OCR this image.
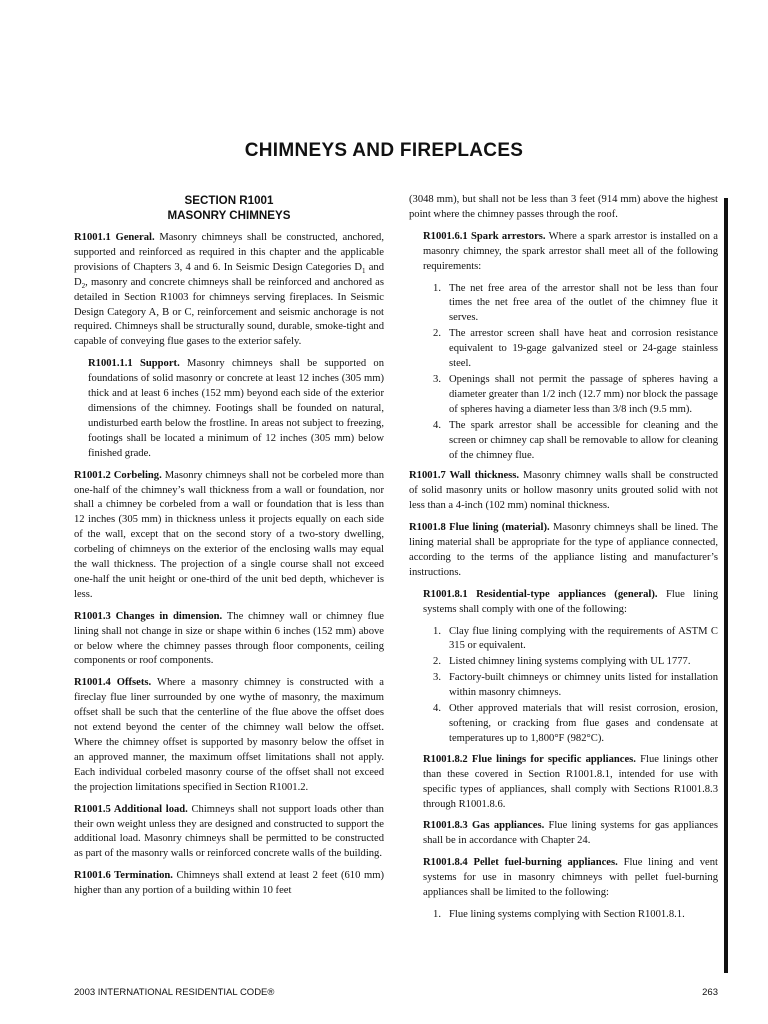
CHIMNEYS AND FIREPLACES
SECTION R1001
MASONRY CHIMNEYS

R1001.1 General. Masonry chimneys shall be constructed, anchored, supported and reinforced as required in this chapter and the applicable provisions of Chapters 3, 4 and 6. In Seismic Design Categories $D_1$ and $D_2$, masonry and concrete chimneys shall be reinforced and anchored as detailed in Section R1003 for chimneys serving fireplaces. In Seismic Design Category A, B or C, reinforcement and seismic anchorage is not required. Chimneys shall be structurally sound, durable, smoke-tight and capable of conveying flue gases to the exterior safely.

R1001.1.1 Support. Masonry chimneys shall be supported on foundations of solid masonry or concrete at least 12 inches (305 mm) thick and at least 6 inches (152 mm) beyond each side of the exterior dimensions of the chimney. Footings shall be founded on natural, undisturbed earth below the frostline. In areas not subject to freezing, footings shall be located a minimum of 12 inches (305 mm) below finished grade.

R1001.2 Corbeling. Masonry chimneys shall not be corbeled more than one-half of the chimney’s wall thickness from a wall or foundation, nor shall a chimney be corbeled from a wall or foundation that is less than 12 inches (305 mm) in thickness unless it projects equally on each side of the wall, except that on the second story of a two-story dwelling, corbeling of chimneys on the exterior of the enclosing walls may equal the wall thickness. The projection of a single course shall not exceed one-half the unit height or one-third of the unit bed depth, whichever is less.

R1001.3 Changes in dimension. The chimney wall or chimney flue lining shall not change in size or shape within 6 inches (152 mm) above or below where the chimney passes through floor components, ceiling components or roof components.

R1001.4 Offsets. Where a masonry chimney is constructed with a fireclay flue liner surrounded by one wythe of masonry, the maximum offset shall be such that the centerline of the flue above the offset does not extend beyond the center of the chimney wall below the offset. Where the chimney offset is supported by masonry below the offset in an approved manner, the maximum offset limitations shall not apply. Each individual corbeled masonry course of the offset shall not exceed the projection limitations specified in Section R1001.2.

R1001.5 Additional load. Chimneys shall not support loads other than their own weight unless they are designed and constructed to support the additional load. Masonry chimneys shall be permitted to be constructed as part of the masonry walls or reinforced concrete walls of the building.

R1001.6 Termination. Chimneys shall extend at least 2 feet (610 mm) higher than any portion of a building within 10 feet

(3048 mm), but shall not be less than 3 feet (914 mm) above the highest point where the chimney passes through the roof.

R1001.6.1 Spark arrestors. Where a spark arrestor is installed on a masonry chimney, the spark arrestor shall meet all of the following requirements:

1. The net free area of the arrestor shall not be less than four times the net free area of the outlet of the chimney flue it serves.
2. The arrestor screen shall have heat and corrosion resistance equivalent to 19-gage galvanized steel or 24-gage stainless steel.
3. Openings shall not permit the passage of spheres having a diameter greater than 1/2 inch (12.7 mm) nor block the passage of spheres having a diameter less than 3/8 inch (9.5 mm).
4. The spark arrestor shall be accessible for cleaning and the screen or chimney cap shall be removable to allow for cleaning of the chimney flue.

R1001.7 Wall thickness. Masonry chimney walls shall be constructed of solid masonry units or hollow masonry units grouted solid with not less than a 4-inch (102 mm) nominal thickness.

R1001.8 Flue lining (material). Masonry chimneys shall be lined. The lining material shall be appropriate for the type of appliance connected, according to the terms of the appliance listing and manufacturer’s instructions.

R1001.8.1 Residential-type appliances (general). Flue lining systems shall comply with one of the following:

1. Clay flue lining complying with the requirements of ASTM C 315 or equivalent.
2. Listed chimney lining systems complying with UL 1777.
3. Factory-built chimneys or chimney units listed for installation within masonry chimneys.
4. Other approved materials that will resist corrosion, erosion, softening, or cracking from flue gases and condensate at temperatures up to 1,800°F (982°C).

R1001.8.2 Flue linings for specific appliances. Flue linings other than these covered in Section R1001.8.1, intended for use with specific types of appliances, shall comply with Sections R1001.8.3 through R1001.8.6.

R1001.8.3 Gas appliances. Flue lining systems for gas appliances shall be in accordance with Chapter 24.

R1001.8.4 Pellet fuel-burning appliances. Flue lining and vent systems for use in masonry chimneys with pellet fuel-burning appliances shall be limited to the following:

1. Flue lining systems complying with Section R1001.8.1.
2003 INTERNATIONAL RESIDENTIAL CODE®	263
